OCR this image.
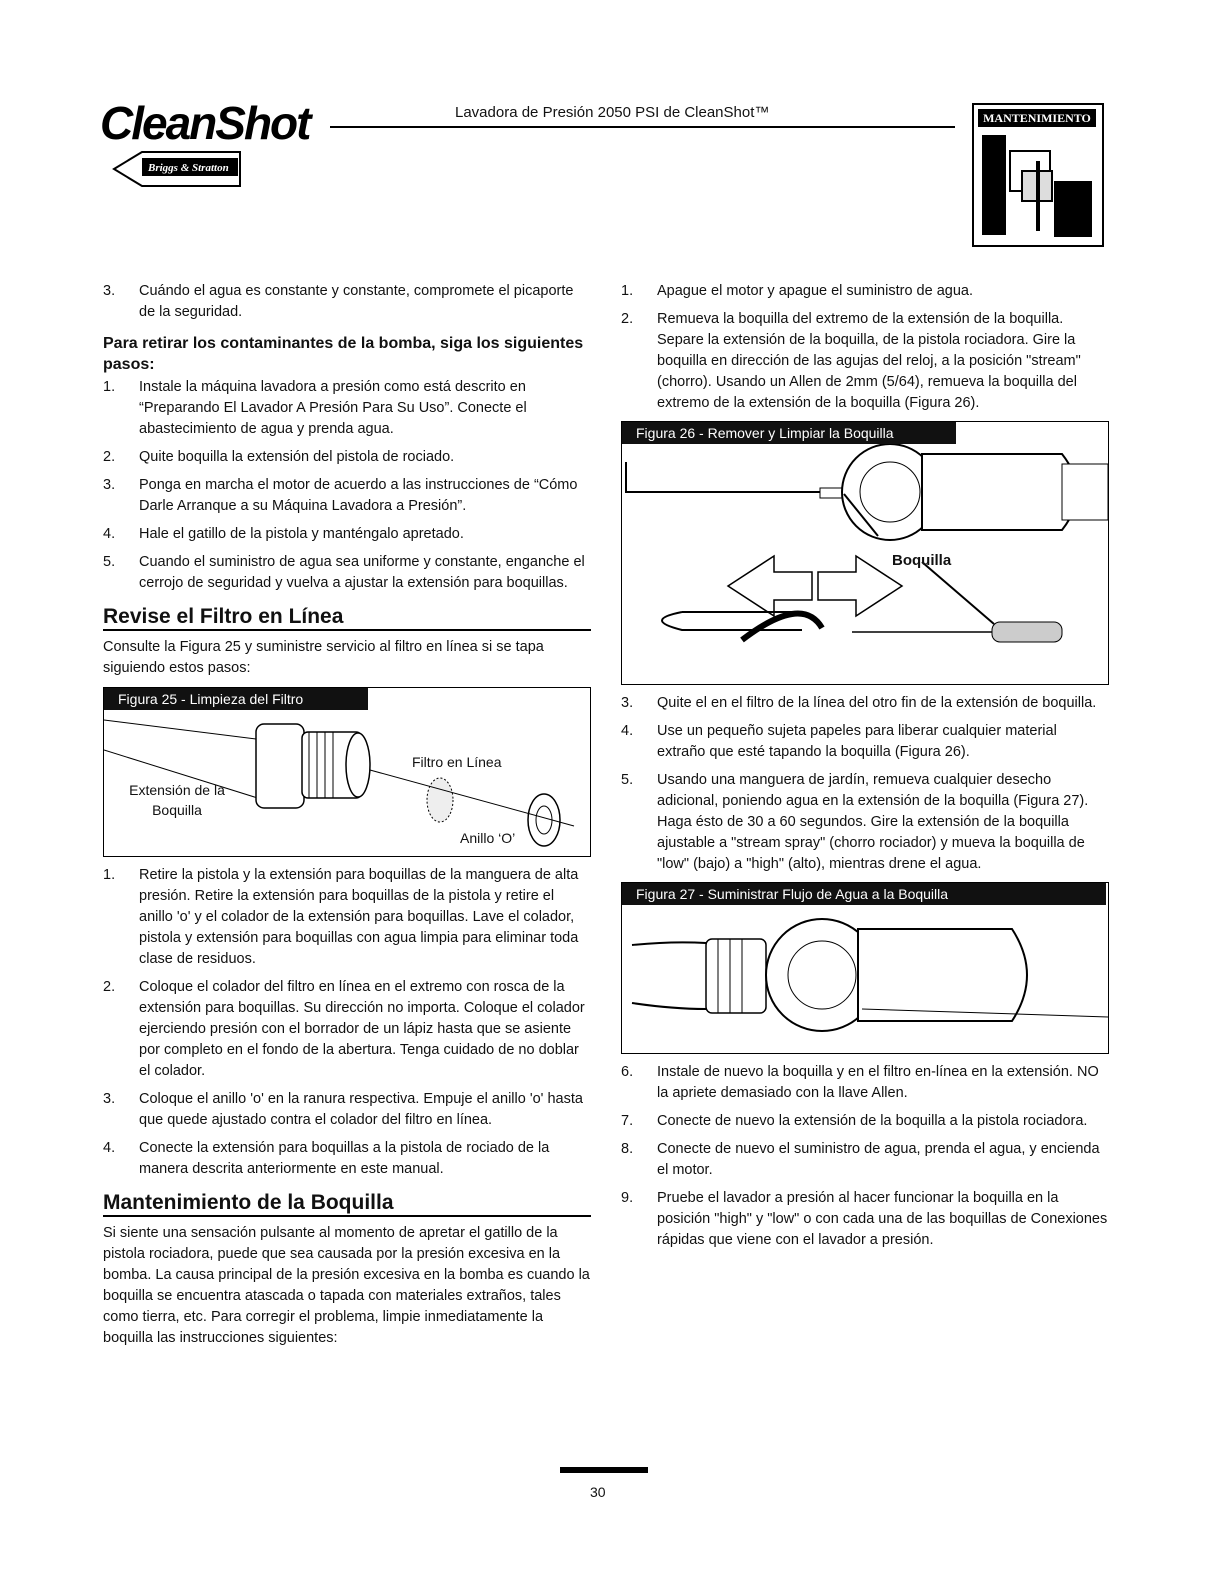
CleanShot
Briggs & Stratton
Lavadora de Presión 2050 PSI de CleanShot™	MANTENIMIENTO
3. Cuándo el agua es constante y constante, compromete el picaporte de la seguridad.

Para retirar los contaminantes de la bomba, siga los siguientes pasos:
1. Instale la máquina lavadora a presión como está descrito en “Preparando El Lavador A Presión Para Su Uso”. Conecte el abastecimiento de agua y prenda agua.

2. Quite boquilla la extensión del pistola de rociado.

3. Ponga en marcha el motor de acuerdo a las instrucciones de “Cómo Darle Arranque a su Máquina Lavadora a Presión”.

4. Hale el gatillo de la pistola y manténgalo apretado.

5. Cuando el suministro de agua sea uniforme y constante, enganche el cerrojo de seguridad y vuelva a ajustar la extensión para boquillas.

Revise el Filtro en Línea

Consulte la Figura 25 y suministre servicio al filtro en línea si se tapa siguiendo estos pasos:

Figura 25 - Limpieza del Filtro
Filtro en Línea
Extensión de la Boquilla
Anillo ‘O’
1. Retire la pistola y la extensión para boquillas de la manguera de alta presión. Retire la extensión para boquillas de la pistola y retire el anillo 'o' y el colador de la extensión para boquillas. Lave el colador, pistola y extensión para boquillas con agua limpia para eliminar toda clase de residuos.

2. Coloque el colador del filtro en línea en el extremo con rosca de la extensión para boquillas. Su dirección no importa. Coloque el colador ejerciendo presión con el borrador de un lápiz hasta que se asiente por completo en el fondo de la abertura. Tenga cuidado de no doblar el colador.

3. Coloque el anillo 'o' en la ranura respectiva. Empuje el anillo 'o' hasta que quede ajustado contra el colador del filtro en línea.

4. Conecte la extensión para boquillas a la pistola de rociado de la manera descrita anteriormente en este manual.

Mantenimiento de la Boquilla

Si siente una sensación pulsante al momento de apretar el gatillo de la pistola rociadora, puede que sea causada por la presión excesiva en la bomba. La causa principal de la presión excesiva en la bomba es cuando la boquilla se encuentra atascada o tapada con materiales extraños, tales como tierra, etc. Para corregir el problema, limpie inmediatamente la boquilla las instrucciones siguientes:

1. Apague el motor y apague el suministro de agua.

2. Remueva la boquilla del extremo de la extensión de la boquilla. Separe la extensión de la boquilla, de la pistola rociadora. Gire la boquilla en dirección de las agujas del reloj, a la posición "stream" (chorro). Usando un Allen de 2mm (5/64), remueva la boquilla del extremo de la extensión de la boquilla (Figura 26).

Figura 26 - Remover y Limpiar la Boquilla
Boquilla
3. Quite el en el filtro de la línea del otro fin de la extensión de boquilla.

4. Use un pequeño sujeta papeles para liberar cualquier material extraño que esté tapando la boquilla (Figura 26).

5. Usando una manguera de jardín, remueva cualquier desecho adicional, poniendo agua en la extensión de la boquilla (Figura 27). Haga ésto de 30 a 60 segundos. Gire la extensión de la boquilla ajustable a "stream spray" (chorro rociador) y mueva la boquilla de "low" (bajo) a "high" (alto), mientras drene el agua.

Figura 27 - Suministrar Flujo de Agua a la Boquilla
6. Instale de nuevo la boquilla y en el filtro en-línea en la extensión. NO la apriete demasiado con la llave Allen.

7. Conecte de nuevo la extensión de la boquilla a la pistola rociadora.

8. Conecte de nuevo el suministro de agua, prenda el agua, y encienda el motor.

9. Pruebe el lavador a presión al hacer funcionar la boquilla en la posición "high" y "low" o con cada una de las boquillas de Conexiones rápidas que viene con el lavador a presión.

30
